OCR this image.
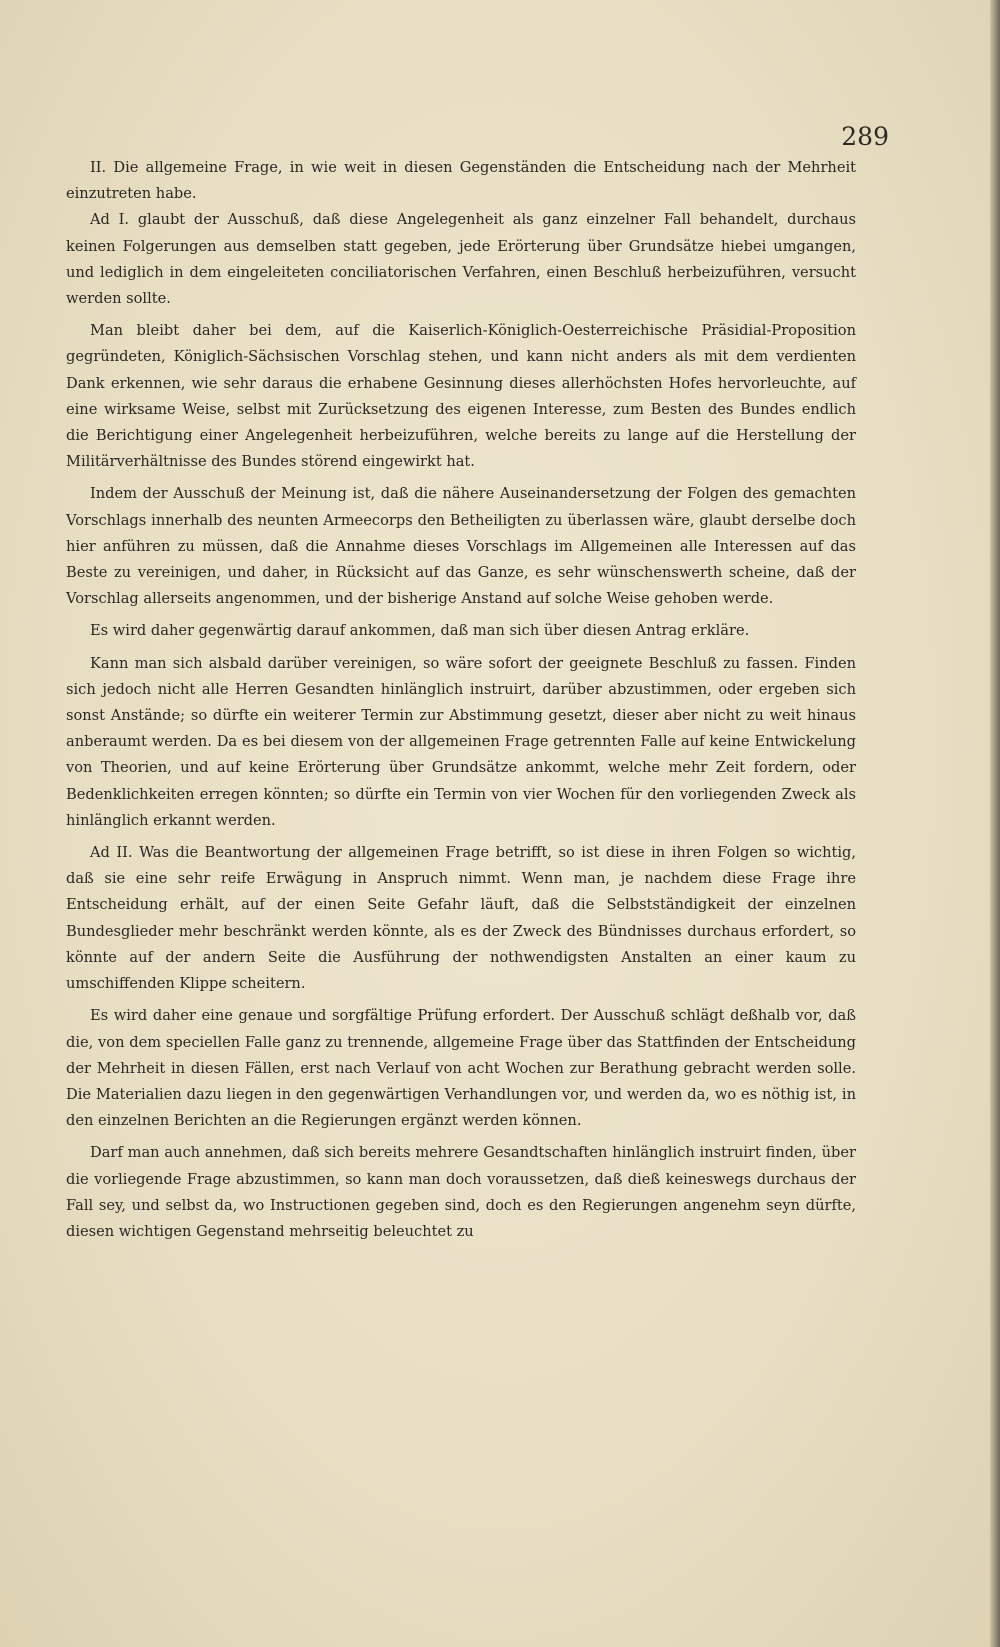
289

II. Die allgemeine Frage, in wie weit in diesen Gegenständen die Entscheidung nach der Mehrheit einzutreten habe.

Ad I. glaubt der Ausschuß, daß diese Angelegenheit als ganz einzelner Fall behandelt, durchaus keinen Folgerungen aus demselben statt gegeben, jede Erörterung über Grundsätze hiebei umgangen, und lediglich in dem eingeleiteten conciliatorischen Verfahren, einen Beschluß herbeizuführen, versucht werden sollte.

Man bleibt daher bei dem, auf die Kaiserlich-Königlich-Oesterreichische Präsidial-Proposition gegründeten, Königlich-Sächsischen Vorschlag stehen, und kann nicht anders als mit dem verdienten Dank erkennen, wie sehr daraus die erhabene Gesinnung dieses allerhöchsten Hofes hervorleuchte, auf eine wirksame Weise, selbst mit Zurücksetzung des eigenen Interesse, zum Besten des Bundes endlich die Berichtigung einer Angelegenheit herbeizuführen, welche bereits zu lange auf die Herstellung der Militärverhältnisse des Bundes störend eingewirkt hat.

Indem der Ausschuß der Meinung ist, daß die nähere Auseinandersetzung der Folgen des gemachten Vorschlags innerhalb des neunten Armeecorps den Betheiligten zu überlassen wäre, glaubt derselbe doch hier anführen zu müssen, daß die Annahme dieses Vorschlags im Allgemeinen alle Interessen auf das Beste zu vereinigen, und daher, in Rücksicht auf das Ganze, es sehr wünschenswerth scheine, daß der Vorschlag allerseits angenommen, und der bisherige Anstand auf solche Weise gehoben werde.

Es wird daher gegenwärtig darauf ankommen, daß man sich über diesen Antrag erkläre.

Kann man sich alsbald darüber vereinigen, so wäre sofort der geeignete Beschluß zu fassen. Finden sich jedoch nicht alle Herren Gesandten hinlänglich instruirt, darüber abzustimmen, oder ergeben sich sonst Anstände; so dürfte ein weiterer Termin zur Abstimmung gesetzt, dieser aber nicht zu weit hinaus anberaumt werden. Da es bei diesem von der allgemeinen Frage getrennten Falle auf keine Entwickelung von Theorien, und auf keine Erörterung über Grundsätze ankommt, welche mehr Zeit fordern, oder Bedenklichkeiten erregen könnten; so dürfte ein Termin von vier Wochen für den vorliegenden Zweck als hinlänglich erkannt werden.

Ad II. Was die Beantwortung der allgemeinen Frage betrifft, so ist diese in ihren Folgen so wichtig, daß sie eine sehr reife Erwägung in Anspruch nimmt. Wenn man, je nachdem diese Frage ihre Entscheidung erhält, auf der einen Seite Gefahr läuft, daß die Selbstständigkeit der einzelnen Bundesglieder mehr beschränkt werden könnte, als es der Zweck des Bündnisses durchaus erfordert, so könnte auf der andern Seite die Ausführung der nothwendigsten Anstalten an einer kaum zu umschiffenden Klippe scheitern.

Es wird daher eine genaue und sorgfältige Prüfung erfordert. Der Ausschuß schlägt deßhalb vor, daß die, von dem speciellen Falle ganz zu trennende, allgemeine Frage über das Stattfinden der Entscheidung der Mehrheit in diesen Fällen, erst nach Verlauf von acht Wochen zur Berathung gebracht werden solle. Die Materialien dazu liegen in den gegenwärtigen Verhandlungen vor, und werden da, wo es nöthig ist, in den einzelnen Berichten an die Regierungen ergänzt werden können.

Darf man auch annehmen, daß sich bereits mehrere Gesandtschaften hinlänglich instruirt finden, über die vorliegende Frage abzustimmen, so kann man doch voraussetzen, daß dieß keineswegs durchaus der Fall sey, und selbst da, wo Instructionen gegeben sind, doch es den Regierungen angenehm seyn dürfte, diesen wichtigen Gegenstand mehrseitig beleuchtet zu
